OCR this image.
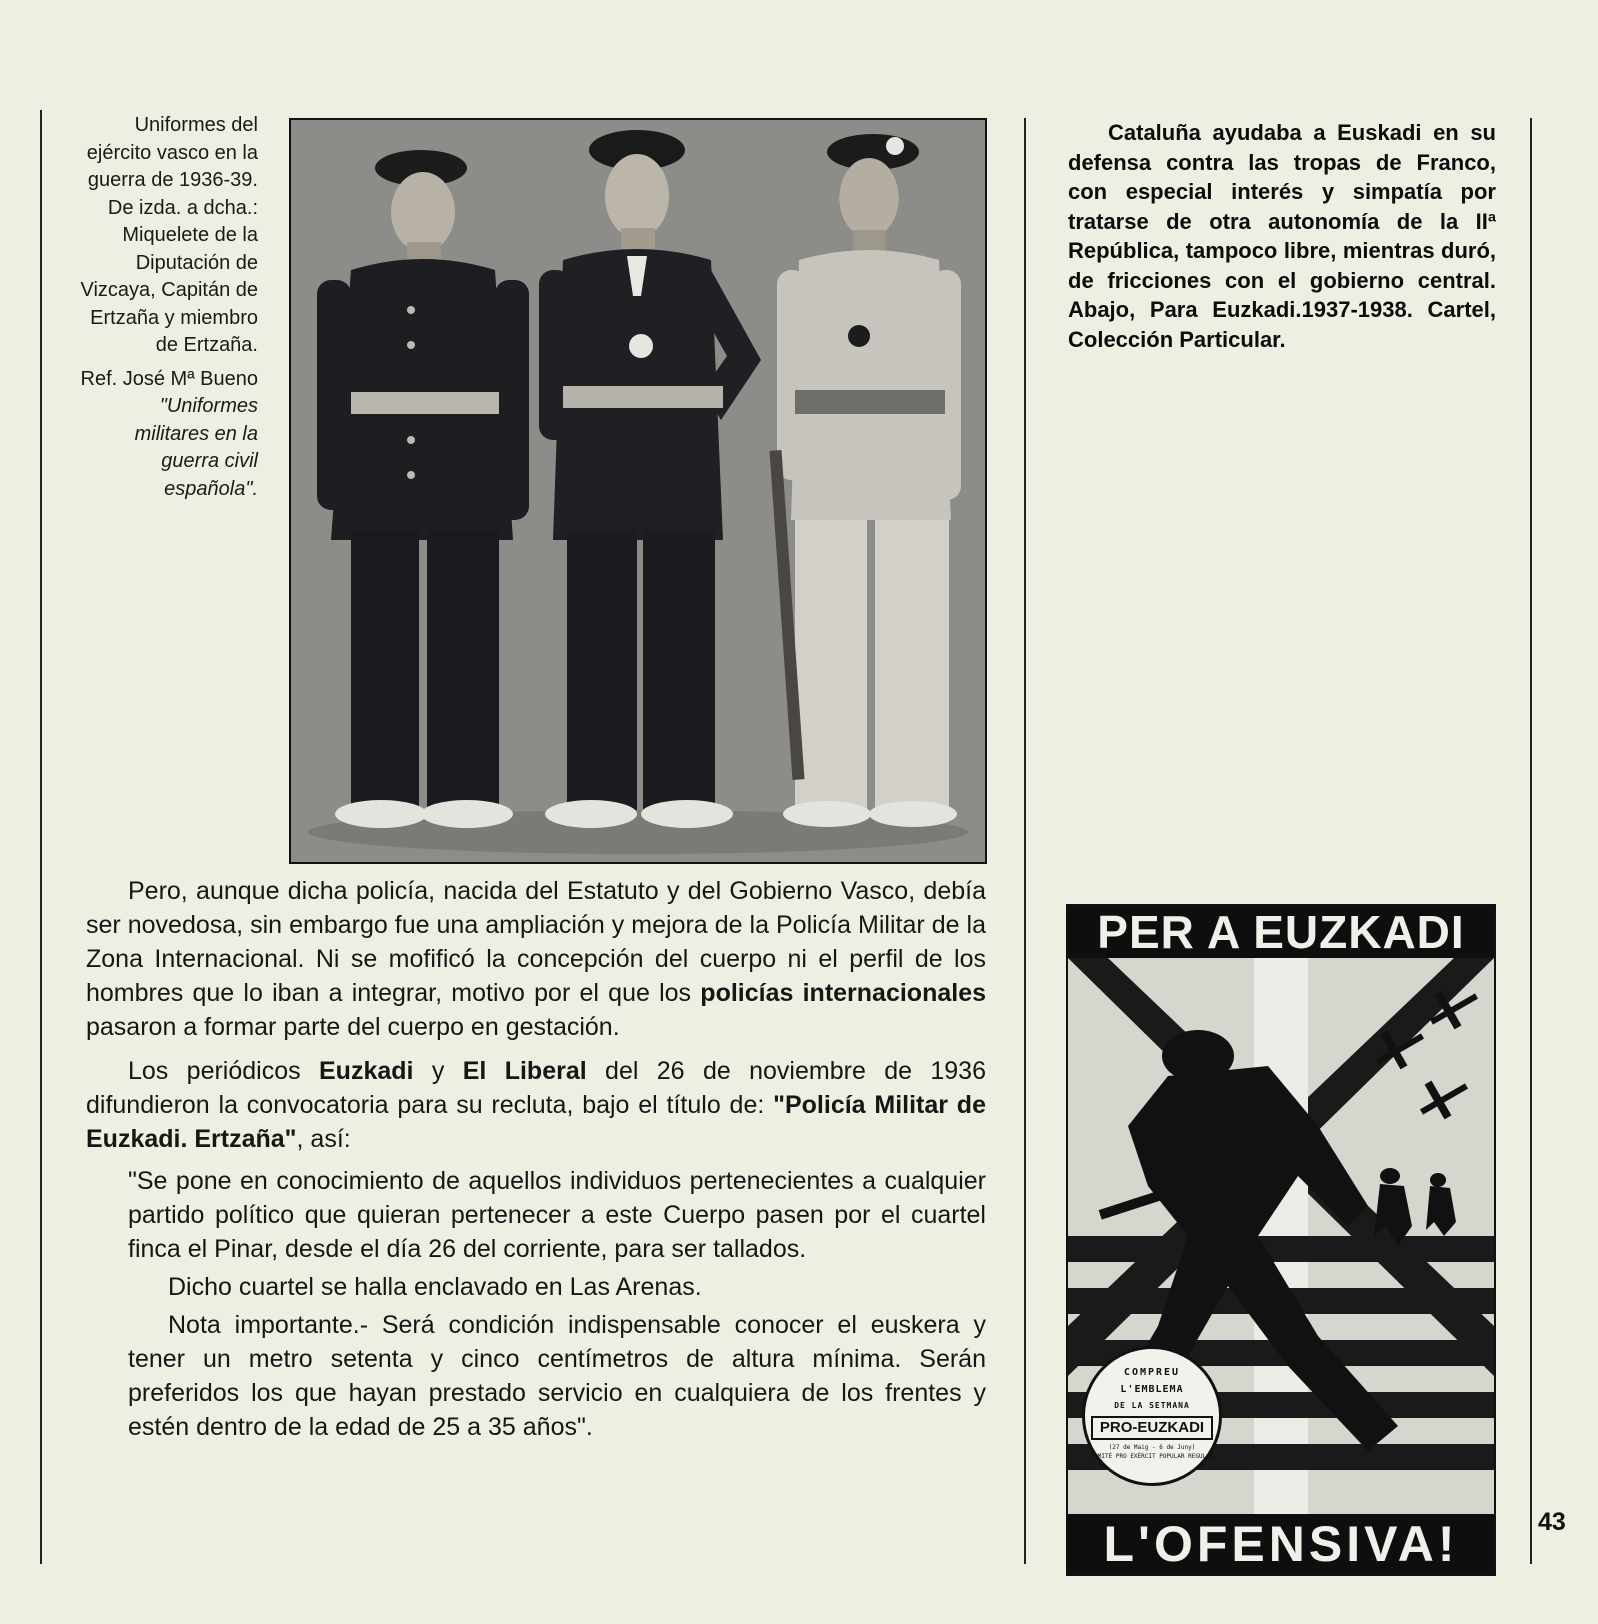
Uniformes del ejército vasco en la guerra de 1936-39. De izda. a dcha.: Miquelete de la Diputación de Vizcaya, Capitán de Ertzaña y miembro de Ertzaña.

Ref. José Mª Bueno

"Uniformes militares en la guerra civil española".

Cataluña ayudaba a Euskadi en su defensa contra las tropas de Franco, con especial interés y simpatía por tratarse de otra autonomía de la IIª República, tampoco libre, mientras duró, de fricciones con el gobierno central. Abajo, Para Euzkadi.1937-1938. Cartel, Colección Particular.

Pero, aunque dicha policía, nacida del Estatuto y del Gobierno Vasco, debía ser novedosa, sin embargo fue una ampliación y mejora de la Policía Militar de la Zona Internacional. Ni se mofificó la concepción del cuerpo ni el perfil de los hombres que lo iban a integrar, motivo por el que los policías internacionales pasaron a formar parte del cuerpo en gestación.

Los periódicos Euzkadi y El Liberal del 26 de noviembre de 1936 difundieron la convocatoria para su recluta, bajo el título de: "Policía Militar de Euzkadi. Ertzaña", así:

"Se pone en conocimiento de aquellos individuos pertenecientes a cualquier partido político que quieran pertenecer a este Cuerpo pasen por el cuartel finca el Pinar, desde el día 26 del corriente, para ser tallados.

Dicho cuartel se halla enclavado en Las Arenas.

Nota importante.- Será condición indispensable conocer el euskera y tener un metro setenta y cinco centímetros de altura mínima. Serán preferidos los que hayan prestado servicio en cualquiera de los frentes y estén dentro de la edad de 25 a 35 años".

PER A EUZKADI
COMPREU
L'EMBLEMA
DE LA SETMANA
PRO-EUZKADI
(27 de Maig - 6 de Juny)
COMITÈ PRO EXÈRCIT POPULAR REGULAR
L'OFENSIVA!	43
